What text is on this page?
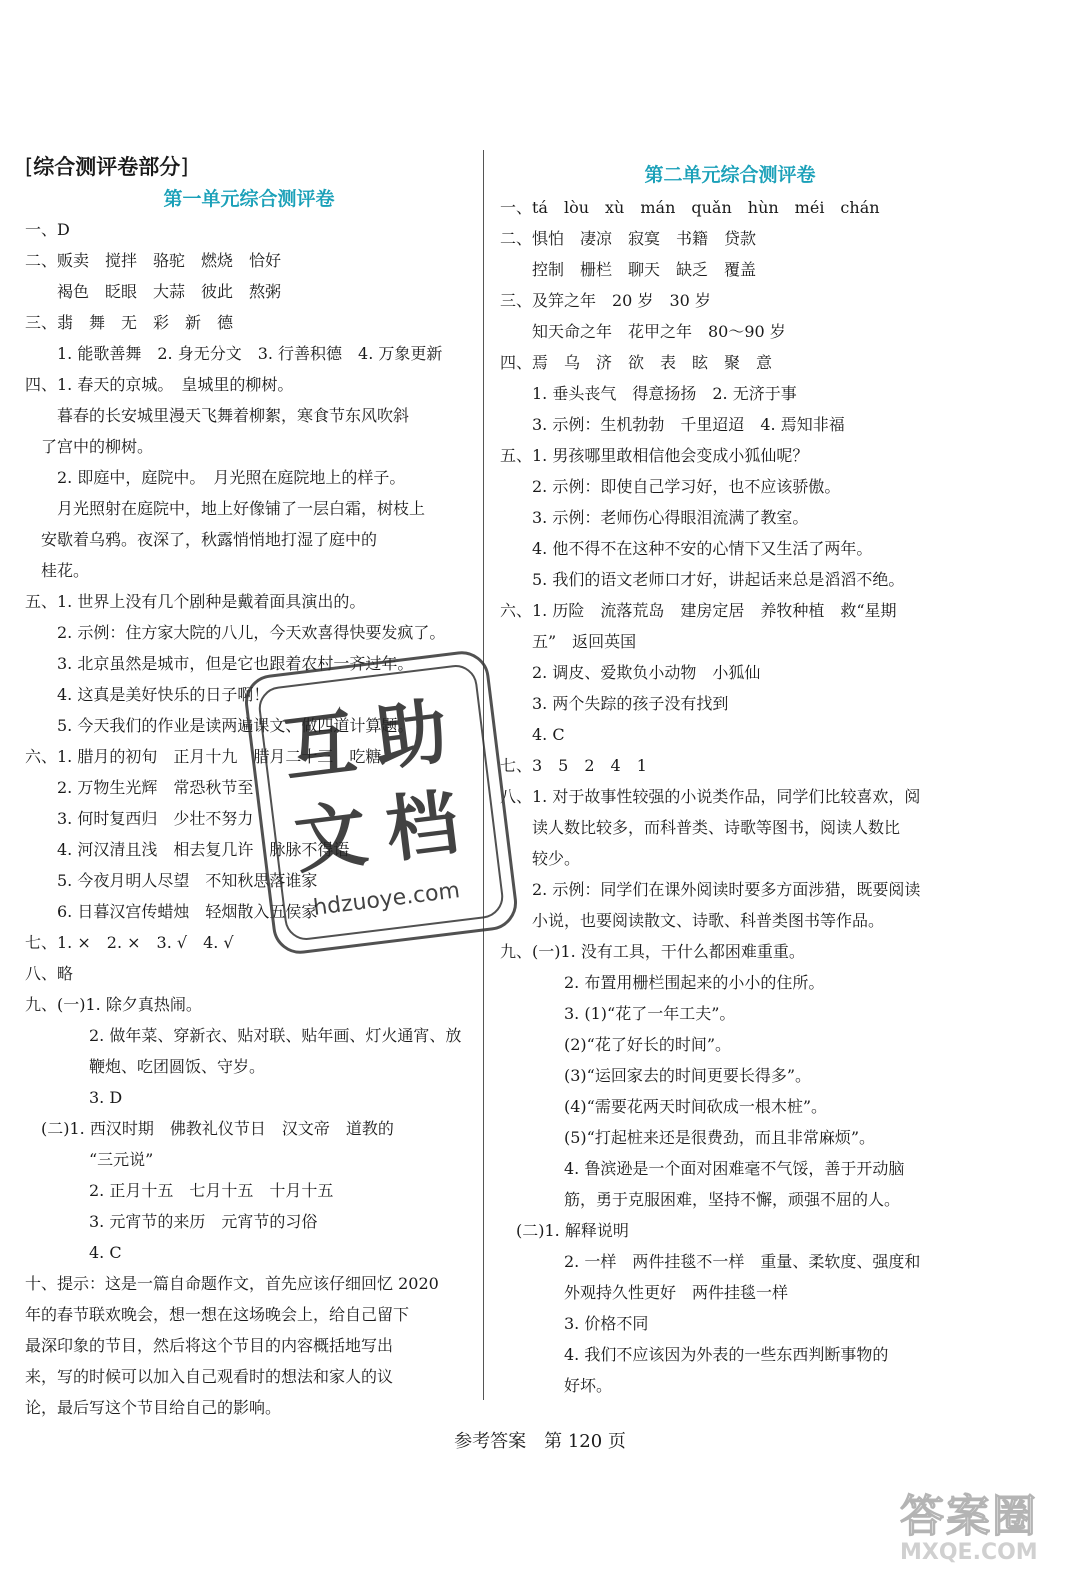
[综合测评卷部分]
第一单元综合测评卷
一、D
二、贩卖　搅拌　骆驼　燃烧　恰好
　　褐色　眨眼　大蒜　彼此　熬粥
三、翡　舞　无　彩　新　德
　　1. 能歌善舞　2. 身无分文　3. 行善积德　4. 万象更新
四、1. 春天的京城。　皇城里的柳树。
　　暮春的长安城里漫天飞舞着柳絮，寒食节东风吹斜
　了宫中的柳树。
　　2. 即庭中，庭院中。　月光照在庭院地上的样子。
　　月光照射在庭院中，地上好像铺了一层白霜，树枝上
　安歇着乌鸦。夜深了，秋露悄悄地打湿了庭中的
　桂花。
五、1. 世界上没有几个剧种是戴着面具演出的。
　　2. 示例：住方家大院的八儿，今天欢喜得快要发疯了。
　　3. 北京虽然是城市，但是它也跟着农村一齐过年。
　　4. 这真是美好快乐的日子啊！
　　5. 今天我们的作业是读两遍课文、做四道计算题。
六、1. 腊月的初旬　正月十九　腊月二十三　吃糖
　　2. 万物生光辉　常恐秋节至
　　3. 何时复西归　少壮不努力
　　4. 河汉清且浅　相去复几许　脉脉不得语
　　5. 今夜月明人尽望　不知秋思落谁家
　　6. 日暮汉宫传蜡烛　轻烟散入五侯家
七、1. ×　2. ×　3. √　4. √
八、略
九、(一)1. 除夕真热闹。
　　　　2. 做年菜、穿新衣、贴对联、贴年画、灯火通宵、放
　　　　鞭炮、吃团圆饭、守岁。
　　　　3. D
　(二)1. 西汉时期　佛教礼仪节日　汉文帝　道教的
　　　　“三元说”
　　　　2. 正月十五　七月十五　十月十五
　　　　3. 元宵节的来历　元宵节的习俗
　　　　4. C
十、提示：这是一篇自命题作文，首先应该仔细回忆 2020
年的春节联欢晚会，想一想在这场晚会上，给自己留下
最深印象的节目，然后将这个节目的内容概括地写出
来，写的时候可以加入自己观看时的想法和家人的议
论，最后写这个节目给自己的影响。
第二单元综合测评卷
一、tá　lòu　xù　mán　quǎn　hùn　méi　chán
二、惧怕　凄凉　寂寞　书籍　贷款
　　控制　栅栏　聊天　缺乏　覆盖
三、及笄之年　20 岁　30 岁
　　知天命之年　花甲之年　80～90 岁
四、焉　乌　济　欲　表　眩　聚　意
　　1. 垂头丧气　得意扬扬　2. 无济于事
　　3. 示例：生机勃勃　千里迢迢　4. 焉知非福
五、1. 男孩哪里敢相信他会变成小狐仙呢？
　　2. 示例：即使自己学习好，也不应该骄傲。
　　3. 示例：老师伤心得眼泪流满了教室。
　　4. 他不得不在这种不安的心情下又生活了两年。
　　5. 我们的语文老师口才好，讲起话来总是滔滔不绝。
六、1. 历险　流落荒岛　建房定居　养牧种植　救“星期
　　五”　返回英国
　　2. 调皮、爱欺负小动物　小狐仙
　　3. 两个失踪的孩子没有找到
　　4. C
七、3　5　2　4　1
八、1. 对于故事性较强的小说类作品，同学们比较喜欢，阅
　　读人数比较多，而科普类、诗歌等图书，阅读人数比
　　较少。
　　2. 示例：同学们在课外阅读时要多方面涉猎，既要阅读
　　小说，也要阅读散文、诗歌、科普类图书等作品。
九、(一)1. 没有工具，干什么都困难重重。
　　　　2. 布置用栅栏围起来的小小的住所。
　　　　3. (1)“花了一年工夫”。
　　　　(2)“花了好长的时间”。
　　　　(3)“运回家去的时间更要长得多”。
　　　　(4)“需要花两天时间砍成一根木桩”。
　　　　(5)“打起桩来还是很费劲，而且非常麻烦”。
　　　　4. 鲁滨逊是一个面对困难毫不气馁，善于开动脑
　　　　筋，勇于克服困难，坚持不懈，顽强不屈的人。
　(二)1. 解释说明
　　　　2. 一样　两件挂毯不一样　重量、柔软度、强度和
　　　　外观持久性更好　两件挂毯一样
　　　　3. 价格不同
　　　　4. 我们不应该因为外表的一些东西判断事物的
　　　　好坏。
参考答案　第 120 页
互 助
文 档
hdzuoye.com
答案圈
MXQE.COM
